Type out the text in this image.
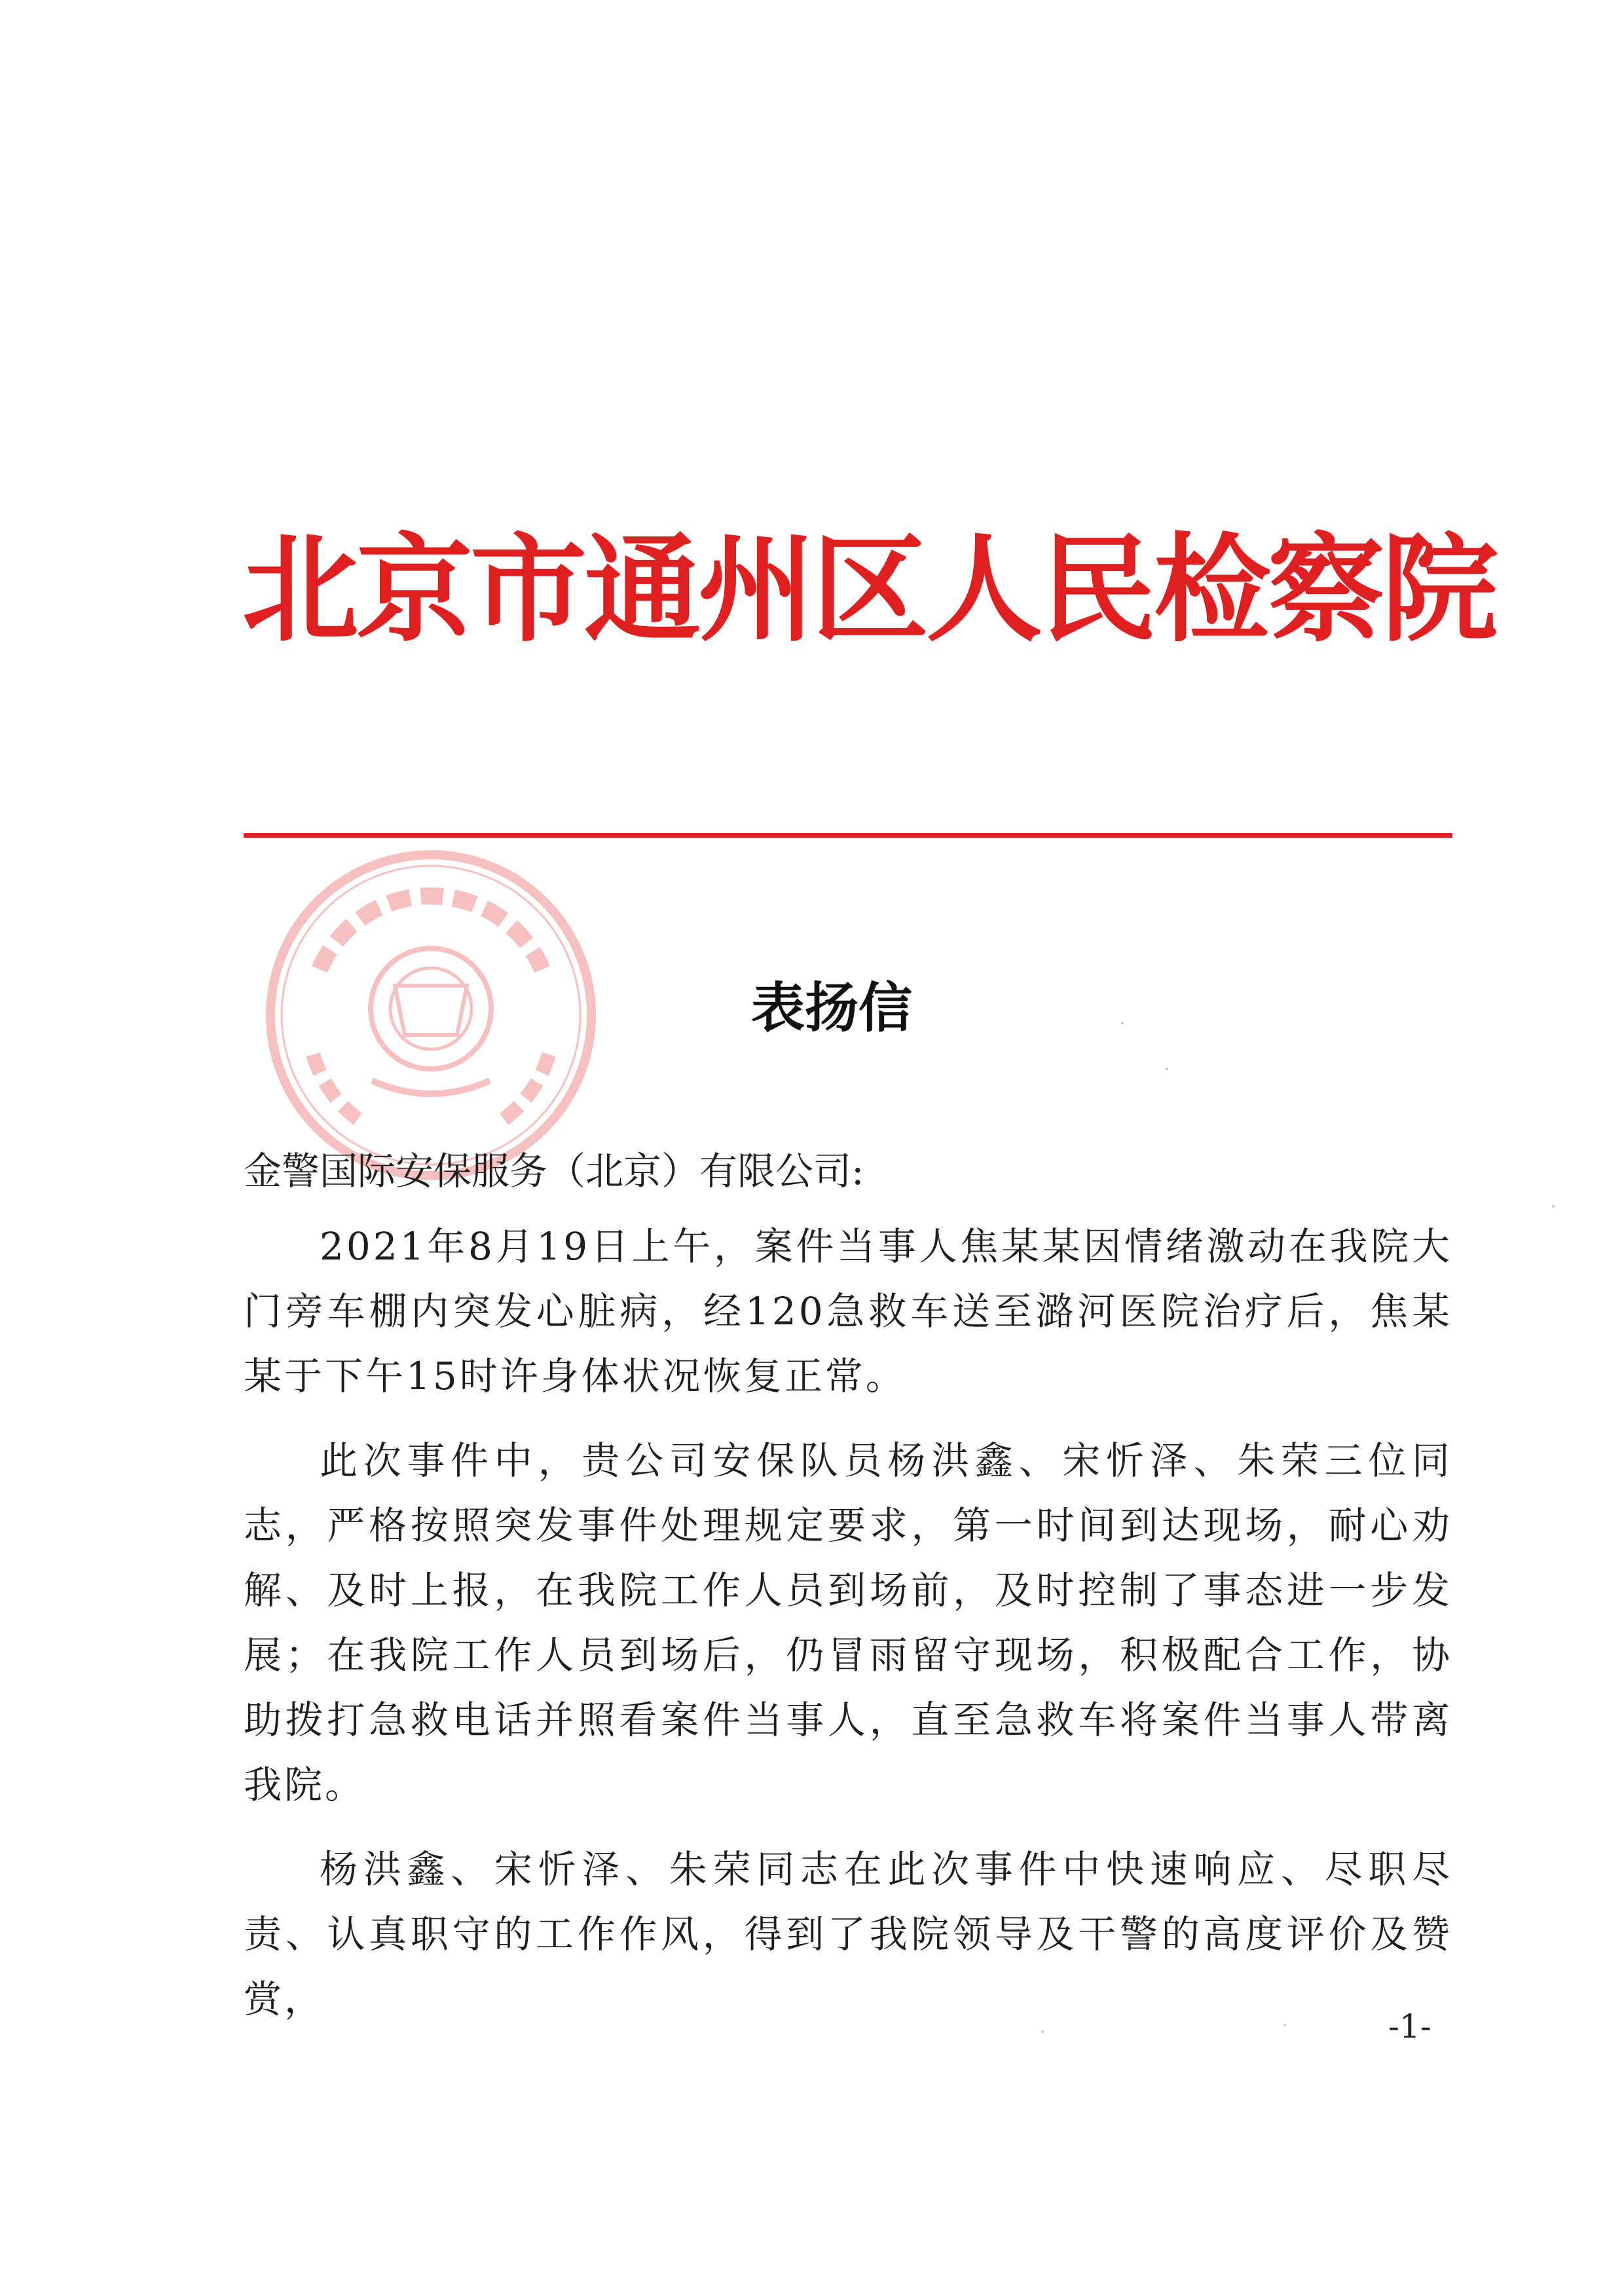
北京市通州区人民检察院
表扬信
金警国际安保服务（北京）有限公司:

2021年8月19日上午，案件当事人焦某某因情绪激动在我院大门旁车棚内突发心脏病，经120急救车送至潞河医院治疗后，焦某某于下午15时许身体状况恢复正常。

此次事件中，贵公司安保队员杨洪鑫、宋忻泽、朱荣三位同志，严格按照突发事件处理规定要求，第一时间到达现场，耐心劝解、及时上报，在我院工作人员到场前，及时控制了事态进一步发展；在我院工作人员到场后，仍冒雨留守现场，积极配合工作，协助拨打急救电话并照看案件当事人，直至急救车将案件当事人带离我院。

杨洪鑫、宋忻泽、朱荣同志在此次事件中快速响应、尽职尽责、认真职守的工作作风，得到了我院领导及干警的高度评价及赞赏，

-1-
